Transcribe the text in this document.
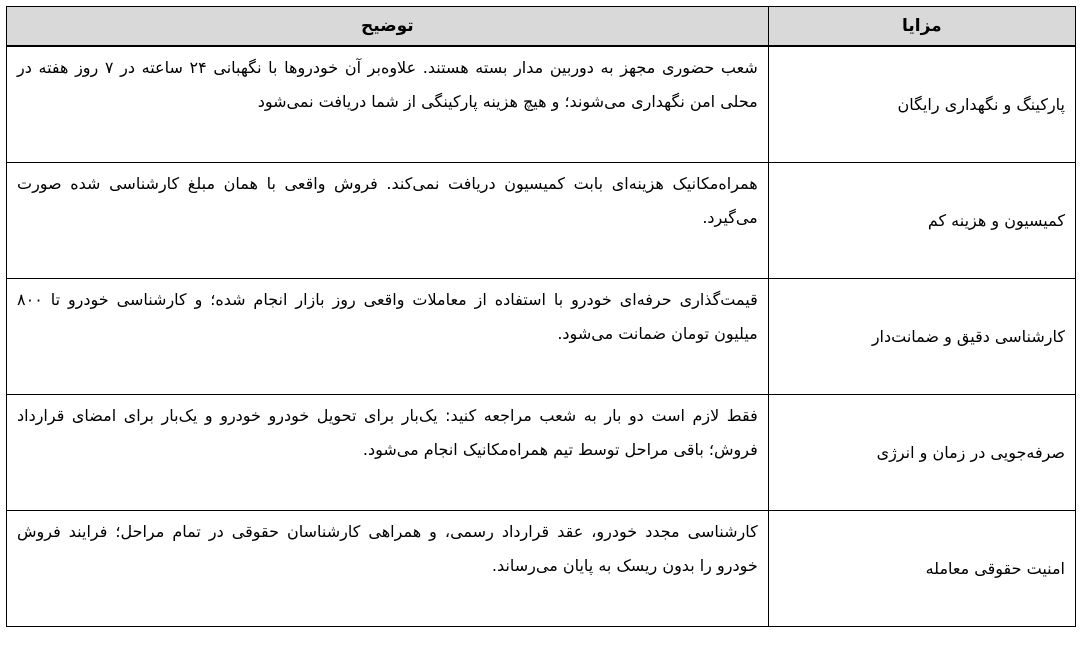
مزایا	توضیح
پارکینگ و نگهداری رایگان	شعب حضوری مجهز به دوربین مدار بسته هستند. علاوه‌بر آن خودروها با نگهبانی ۲۴ ساعته در ۷ روز هفته در محلی امن نگهداری می‌شوند؛ و هیچ هزینه پارکینگی از شما دریافت نمی‌شود
کمیسیون و هزینه کم	همراه‌مکانیک هزینه‌ای بابت کمیسیون دریافت نمی‌کند. فروش واقعی با همان مبلغ کارشناسی شده صورت می‌گیرد.
کارشناسی دقیق و ضمانت‌دار	قیمت‌گذاری حرفه‌ای خودرو با استفاده از معاملات واقعی روز بازار انجام شده؛ و کارشناسی خودرو تا ۸۰۰ میلیون تومان ضمانت می‌شود.
صرفه‌جویی در زمان و انرژی	فقط لازم است دو بار به شعب مراجعه کنید: یک‌بار برای تحویل خودرو خودرو و یک‌بار برای امضای قرارداد فروش؛ باقی مراحل توسط تیم همراه‌مکانیک انجام می‌شود.
امنیت حقوقی معامله	کارشناسی مجدد خودرو، عقد قرارداد رسمی، و همراهی کارشناسان حقوقی در تمام مراحل؛ فرایند فروش خودرو را بدون ریسک به پایان می‌رساند.
